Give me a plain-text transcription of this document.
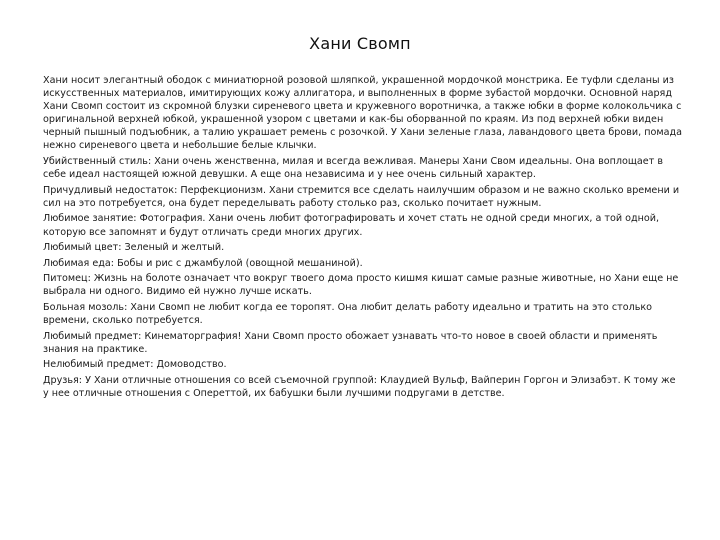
Хани Свомп

Хани носит элегантный ободок с миниатюрной розовой шляпкой, украшенной мордочкой монстрика. Ее туфли сделаны из искусственных материалов, имитирующих кожу аллигатора, и выполненных в форме зубастой мордочки. Основной наряд Хани Свомп состоит из скромной блузки сиреневого цвета и кружевного воротничка, а также юбки в форме колокольчика с оригинальной верхней юбкой, украшенной узором с цветами и как-бы оборванной по краям. Из под верхней юбки виден черный пышный подъюбник, а талию украшает ремень с розочкой. У Хани зеленые глаза, лавандового цвета брови, помада нежно сиреневого цвета и небольшие белые клычки.

Убийственный стиль: Хани очень женственна, милая и всегда вежливая. Манеры Хани Свом идеальны. Она воплощает в себе идеал настоящей южной девушки. А еще она независима и у нее очень сильный характер.

Причудливый недостаток: Перфекционизм. Хани стремится все сделать наилучшим образом и не важно сколько времени и сил на это потребуется, она будет переделывать работу столько раз, сколько почитает нужным.

Любимое занятие: Фотография. Хани очень любит фотографировать и хочет стать не одной среди многих, а той одной, которую все запомнят и будут отличать среди многих других.

Любимый цвет: Зеленый и желтый.

Любимая еда: Бобы и рис с джамбулой (овощной мешаниной).

Питомец: Жизнь на болоте означает что вокруг твоего дома просто кишмя кишат самые разные животные, но Хани еще не выбрала ни одного. Видимо ей нужно лучше искать.

Больная мозоль: Хани Свомп не любит когда ее торопят. Она любит делать работу идеально и тратить на это столько времени, сколько потребуется.

Любимый предмет: Кинематорграфия! Хани Свомп просто обожает узнавать что-то новое в своей области и применять знания на практике.

Нелюбимый предмет: Домоводство.

Друзья: У Хани отличные отношения со всей съемочной группой: Клаудией Вульф, Вайперин Горгон и Элизабэт. К тому же у нее отличные отношения с Опереттой, их бабушки были лучшими подругами в детстве.
